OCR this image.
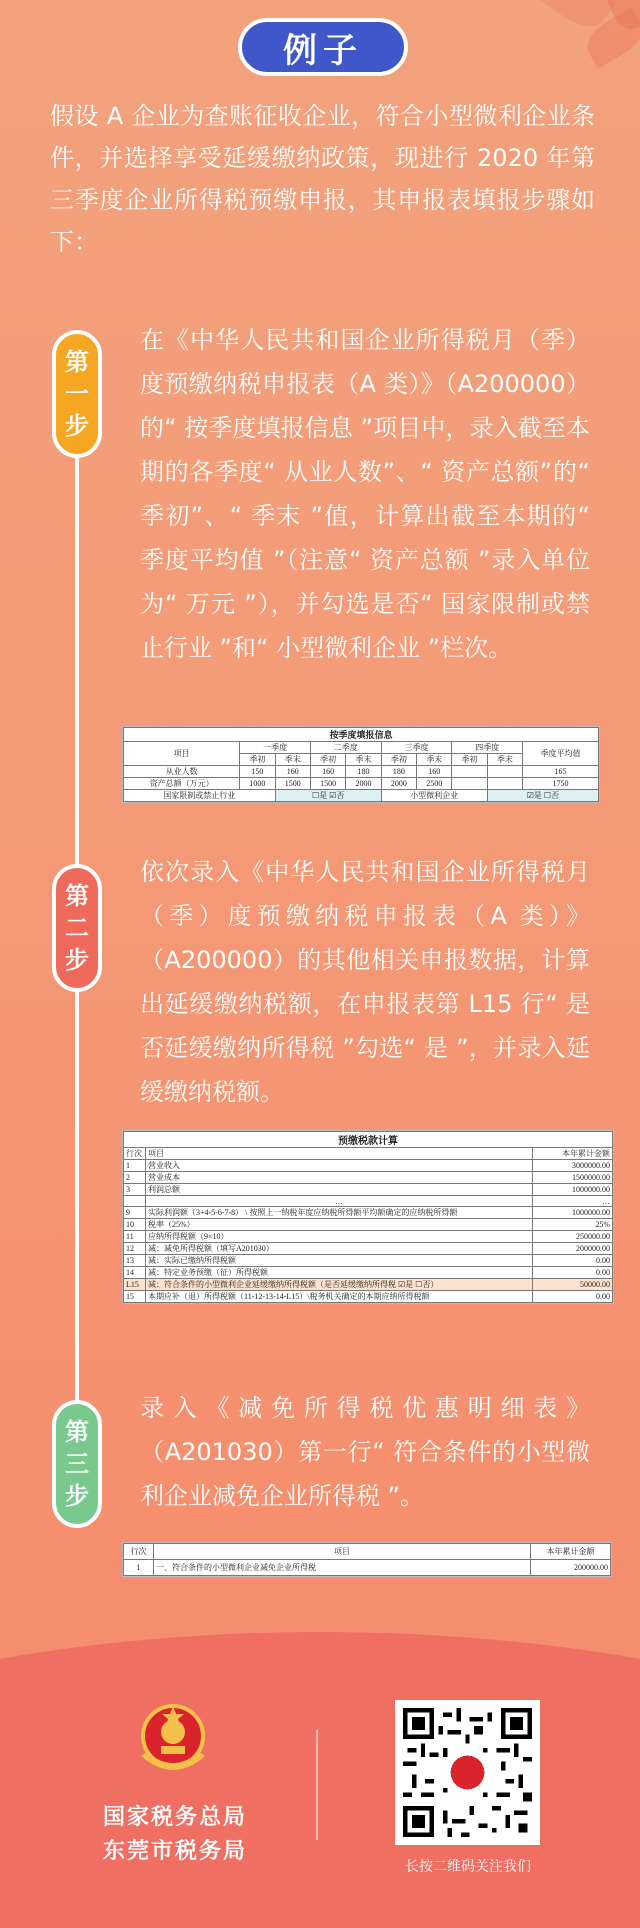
例子

假设 A 企业为查账征收企业，符合小型微利企业条件，并选择享受延缓缴纳政策，现进行 2020 年第三季度企业所得税预缴申报，其申报表填报步骤如下：

第
一
步

在《中华人民共和国企业所得税月（季）度预缴纳税申报表（A 类）》（A200000）的“ 按季度填报信息 ”项目中，录入截至本期的各季度“ 从业人数”、“ 资产总额”的“ 季初”、“ 季末 ”值，计算出截至本期的“ 季度平均值 ”（注意“ 资产总额 ”录入单位为“ 万元 ”），并勾选是否“ 国家限制或禁止行业 ”和“ 小型微利企业 ”栏次。

按季度填报信息									
项目	一季度		二季度		三季度		四季度		季度平均值
	季初	季末	季初	季末	季初	季末	季初	季末	
从业人数	150	160	160	180	180	160			165
资产总额（万元）	1000	1500	1500	2000	2000	2500			1750
国家限制或禁止行业		☐是 ☑否			小型微利企业			☑是 ☐否	
第
二
步

依次录入《中华人民共和国企业所得税月（季）度预缴纳税申报表（A 类）》（A200000）的其他相关申报数据，计算出延缓缴纳税额，在申报表第 L15 行“ 是否延缓缴纳所得税 ”勾选“ 是 ”，并录入延缓缴纳税额。

预缴税款计算		
行次	项目	本年累计金额
1	营业收入	3000000.00
2	营业成本	1500000.00
3	利润总额	1000000.00
	…	…
9	实际利润额（3+4-5-6-7-8） \ 按照上一纳税年度应纳税所得额平均额确定的应纳税所得额	1000000.00
10	税率（25%）	25%
11	应纳所得税额（9×10）	250000.00
12	减：减免所得税额（填写A201030）	200000.00
13	减：实际已缴纳所得税额	0.00
14	减：特定业务预缴（征）所得税额	0.00
L15	减：符合条件的小型微利企业延缓缴纳所得税额（是否延缓缴纳所得税 ☑是 ☐否）	50000.00
15	本期应补（退）所得税额（11-12-13-14-L15）\税务机关确定的本期应纳所得税额	0.00
第
三
步

录入《减免所得税优惠明细表》（A201030）第一行“ 符合条件的小型微利企业减免企业所得税 ”。

行次	项目	本年累计金额
1	一、符合条件的小型微利企业减免企业所得税	200000.00
国家税务总局
东莞市税务局
长按二维码关注我们
